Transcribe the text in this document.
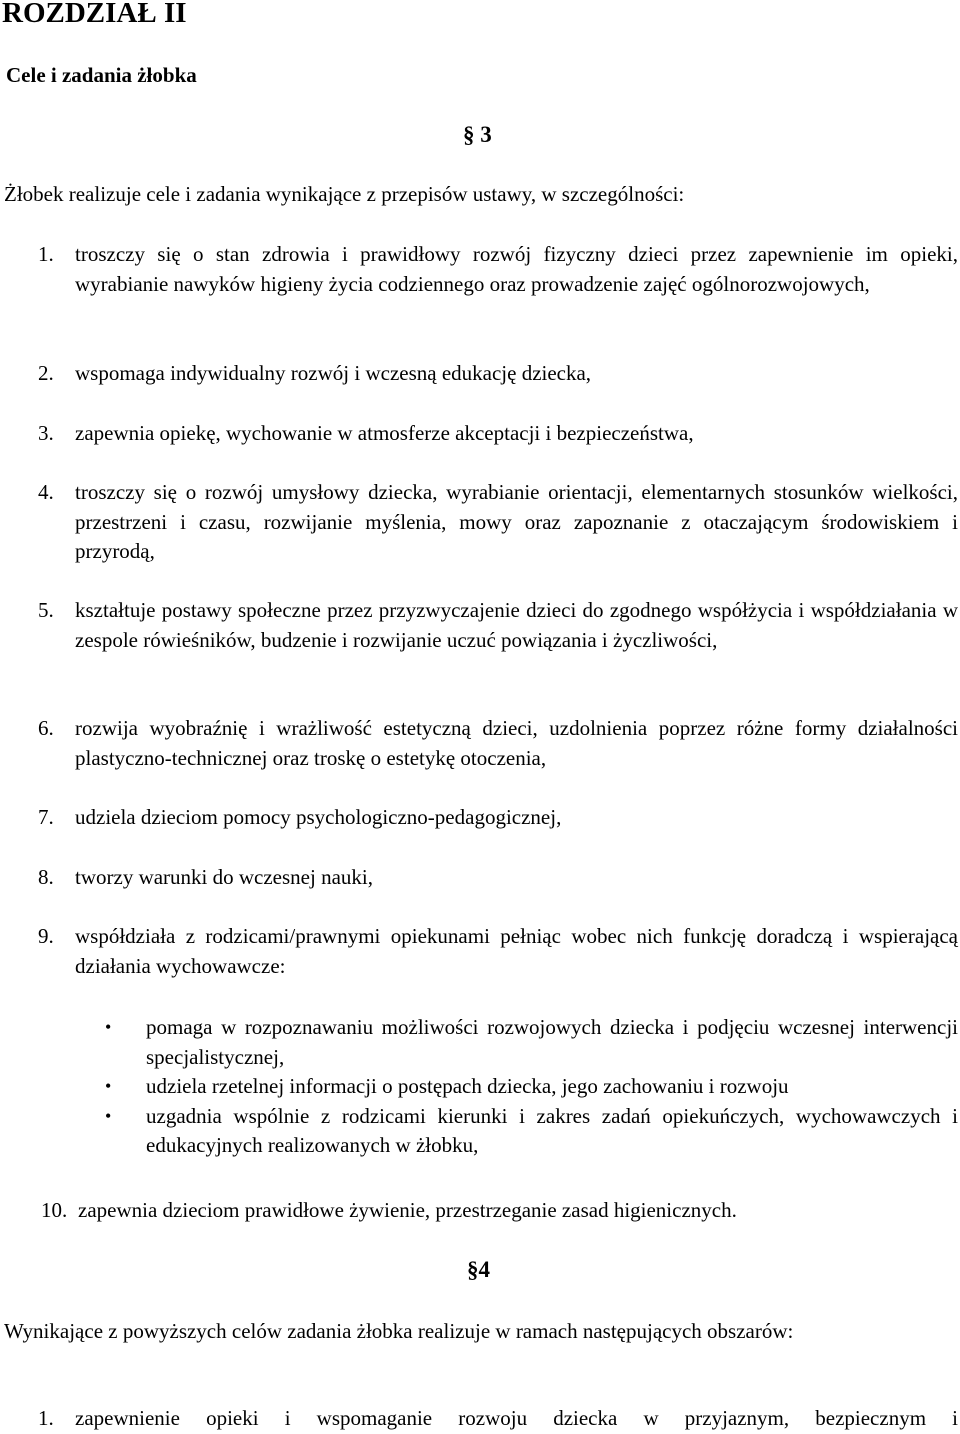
ROZDZIAŁ II
Cele i zadania żłobka
§ 3
Żłobek realizuje cele i zadania wynikające z przepisów ustawy, w szczególności:
1.	troszczy się o stan zdrowia i prawidłowy rozwój fizyczny dzieci przez zapewnienie im opieki, wyrabianie nawyków higieny życia codziennego oraz prowadzenie zajęć ogólnorozwojowych,
2.	wspomaga indywidualny rozwój i wczesną edukację dziecka,
3.	zapewnia opiekę, wychowanie w atmosferze akceptacji i bezpieczeństwa,
4.	troszczy się o rozwój umysłowy dziecka, wyrabianie orientacji, elementarnych stosunków wielkości, przestrzeni i czasu, rozwijanie myślenia, mowy oraz zapoznanie z otaczającym środowiskiem i przyrodą,
5.	kształtuje postawy społeczne przez przyzwyczajenie dzieci do zgodnego współżycia i współdziałania w zespole rówieśników, budzenie i rozwijanie uczuć powiązania i życzliwości,
6.	rozwija wyobraźnię i wrażliwość estetyczną dzieci, uzdolnienia poprzez różne formy działalności plastyczno-technicznej oraz troskę o estetykę otoczenia,
7.	udziela dzieciom pomocy psychologiczno-pedagogicznej,
8.	tworzy warunki do wczesnej nauki,
9.	współdziała z rodzicami/prawnymi opiekunami pełniąc wobec nich funkcję doradczą i wspierającą działania wychowawcze:
• pomaga w rozpoznawaniu możliwości rozwojowych dziecka i podjęciu wczesnej interwencji specjalistycznej,
• udziela rzetelnej informacji o postępach dziecka, jego zachowaniu i rozwoju
• uzgadnia wspólnie z rodzicami kierunki i zakres zadań opiekuńczych, wychowawczych i edukacyjnych realizowanych w żłobku,
10. zapewnia dzieciom prawidłowe żywienie, przestrzeganie zasad higienicznych.
§4
Wynikające z powyższych celów zadania żłobka realizuje w ramach następujących obszarów:
1.	zapewnienie opieki i wspomaganie rozwoju dziecka w przyjaznym, bezpiecznym i
